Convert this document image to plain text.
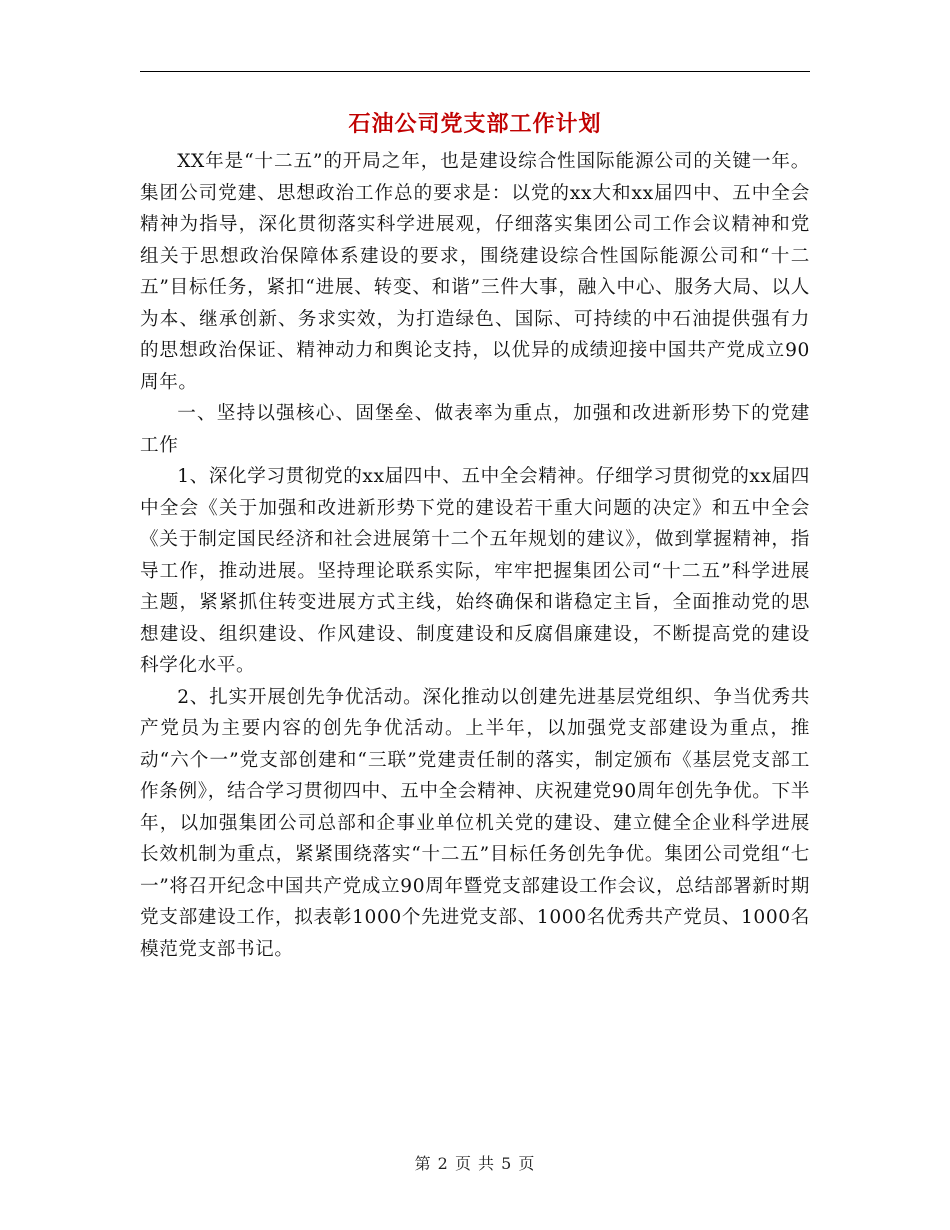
石油公司党支部工作计划

XX年是“十二五”的开局之年，也是建设综合性国际能源公司的关键一年。集团公司党建、思想政治工作总的要求是：以党的xx大和xx届四中、五中全会精神为指导，深化贯彻落实科学进展观，仔细落实集团公司工作会议精神和党组关于思想政治保障体系建设的要求，围绕建设综合性国际能源公司和“十二五”目标任务，紧扣“进展、转变、和谐”三件大事，融入中心、服务大局、以人为本、继承创新、务求实效，为打造绿色、国际、可持续的中石油提供强有力的思想政治保证、精神动力和舆论支持，以优异的成绩迎接中国共产党成立90周年。

一、坚持以强核心、固堡垒、做表率为重点，加强和改进新形势下的党建工作

1、深化学习贯彻党的xx届四中、五中全会精神。仔细学习贯彻党的xx届四中全会《关于加强和改进新形势下党的建设若干重大问题的决定》和五中全会《关于制定国民经济和社会进展第十二个五年规划的建议》，做到掌握精神，指导工作，推动进展。坚持理论联系实际，牢牢把握集团公司“十二五”科学进展主题，紧紧抓住转变进展方式主线，始终确保和谐稳定主旨，全面推动党的思想建设、组织建设、作风建设、制度建设和反腐倡廉建设，不断提高党的建设科学化水平。

2、扎实开展创先争优活动。深化推动以创建先进基层党组织、争当优秀共产党员为主要内容的创先争优活动。上半年，以加强党支部建设为重点，推动“六个一”党支部创建和“三联”党建责任制的落实，制定颁布《基层党支部工作条例》，结合学习贯彻四中、五中全会精神、庆祝建党90周年创先争优。下半年，以加强集团公司总部和企事业单位机关党的建设、建立健全企业科学进展长效机制为重点，紧紧围绕落实“十二五”目标任务创先争优。集团公司党组“七一”将召开纪念中国共产党成立90周年暨党支部建设工作会议，总结部署新时期党支部建设工作，拟表彰1000个先进党支部、1000名优秀共产党员、1000名模范党支部书记。

第 2 页 共 5 页
